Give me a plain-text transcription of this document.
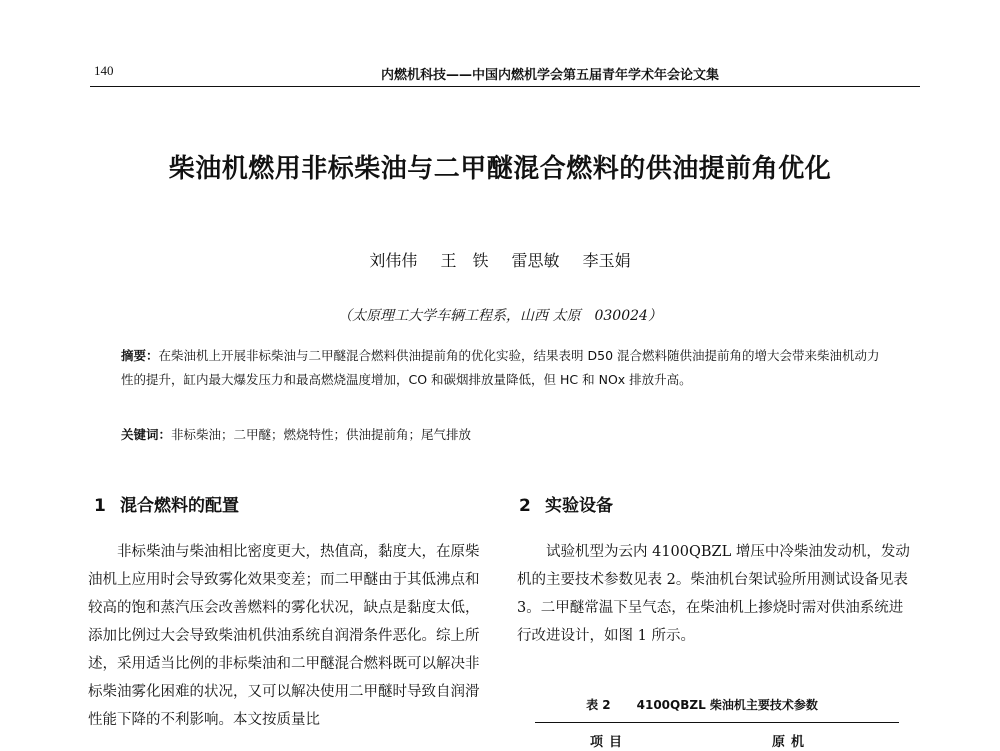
140	内燃机科技——中国内燃机学会第五届青年学术年会论文集
柴油机燃用非标柴油与二甲醚混合燃料的供油提前角优化
刘伟伟 王　铁 雷思敏 李玉娟
（太原理工大学车辆工程系，山西 太原　030024）
摘要：在柴油机上开展非标柴油与二甲醚混合燃料供油提前角的优化实验，结果表明 D50 混合燃料随供油提前角的增大会带来柴油机动力性的提升，缸内最大爆发压力和最高燃烧温度增加，CO 和碳烟排放量降低，但 HC 和 NOx 排放升高。
关键词：非标柴油；二甲醚；燃烧特性；供油提前角；尾气排放
1 混合燃料的配置

非标柴油与柴油相比密度更大，热值高，黏度大，在原柴油机上应用时会导致雾化效果变差；而二甲醚由于其低沸点和较高的饱和蒸汽压会改善燃料的雾化状况，缺点是黏度太低，添加比例过大会导致柴油机供油系统自润滑条件恶化。综上所述，采用适当比例的非标柴油和二甲醚混合燃料既可以解决非标柴油雾化困难的状况，又可以解决使用二甲醚时导致自润滑性能下降的不利影响。本文按质量比

2 实验设备

试验机型为云内 4100QBZL 增压中冷柴油发动机，发动机的主要技术参数见表 2。柴油机台架试验所用测试设备见表 3。二甲醚常温下呈气态，在柴油机上掺烧时需对供油系统进行改进设计，如图 1 所示。

表 2 4100QBZL 柴油机主要技术参数
项目	原机
